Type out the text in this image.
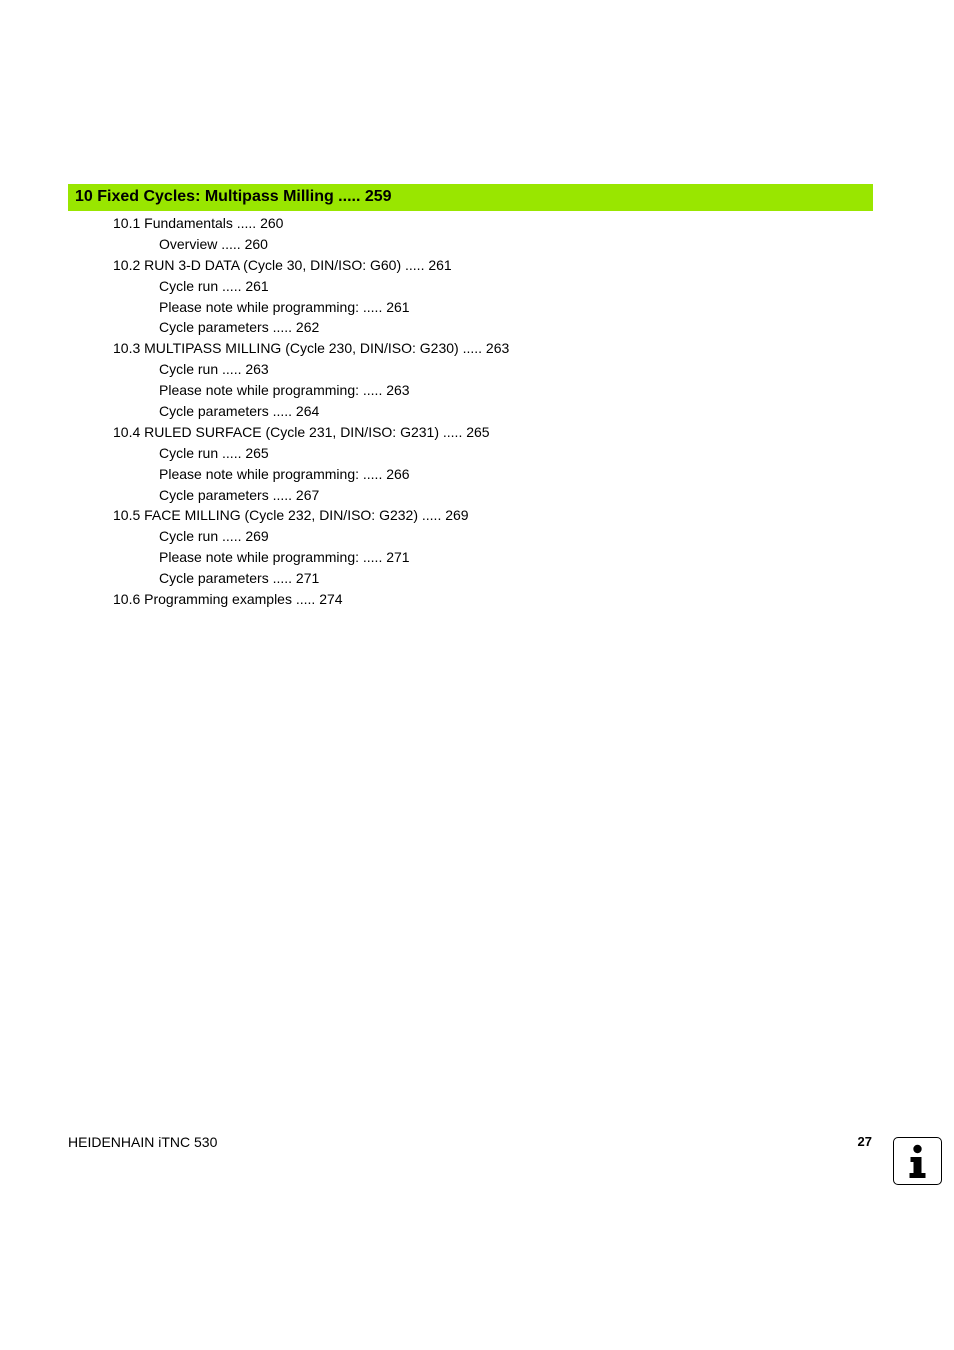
10 Fixed Cycles: Multipass Milling ..... 259
10.1 Fundamentals ..... 260
Overview ..... 260
10.2 RUN 3-D DATA (Cycle 30, DIN/ISO: G60) ..... 261
Cycle run ..... 261
Please note while programming: ..... 261
Cycle parameters ..... 262
10.3 MULTIPASS MILLING (Cycle 230, DIN/ISO: G230) ..... 263
Cycle run ..... 263
Please note while programming: ..... 263
Cycle parameters ..... 264
10.4 RULED SURFACE (Cycle 231, DIN/ISO: G231) ..... 265
Cycle run ..... 265
Please note while programming: ..... 266
Cycle parameters ..... 267
10.5 FACE MILLING (Cycle 232, DIN/ISO: G232) ..... 269
Cycle run ..... 269
Please note while programming: ..... 271
Cycle parameters ..... 271
10.6 Programming examples ..... 274
HEIDENHAIN iTNC 530	27
